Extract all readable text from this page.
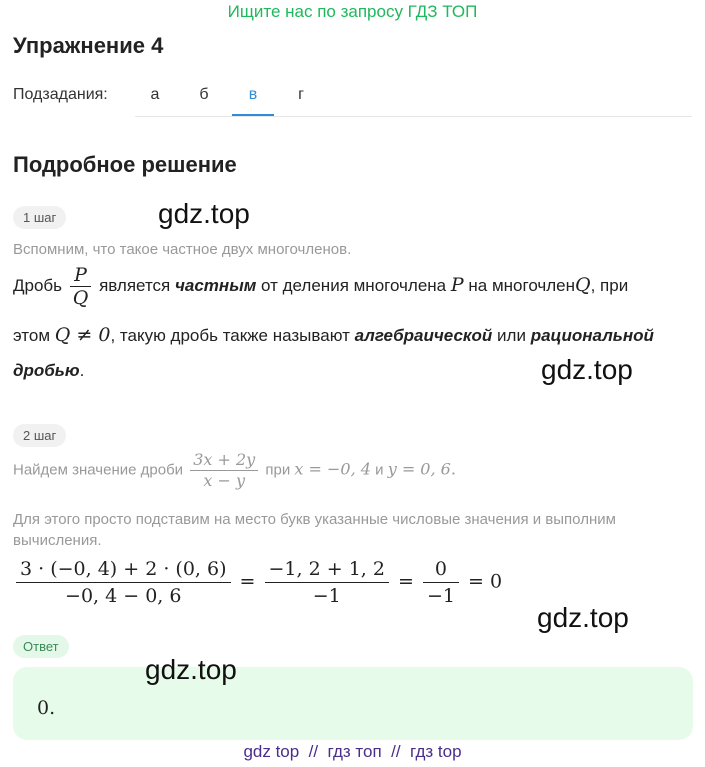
Ищите нас по запросу ГДЗ ТОП
Упражнение 4
Подзадания:	а	б	в	г
Подробное решение
1 шаг	gdz.top
Вспомним, что такое частное двух многочленов.
Дробь $\frac{P}{Q}$ является частным от деления многочлена P на многочленQ, при
этом Q ≠ 0, такую дробь также называют алгебраической или рациональной
дробью.	gdz.top
2 шаг
Найдем значение дроби $\frac{3x + 2y}{x - y}$ при x = −0, 4 и y = 0, 6.
Для этого просто подставим на место букв указанные числовые значения и выполним вычисления.
$\frac{3 \cdot (-0, 4) + 2 \cdot (0, 6)}{-0, 4 - 0, 6} = \frac{-1, 2 + 1, 2}{-1} = \frac{0}{-1} = 0$
gdz.top
Ответ
gdz.top
0.
gdz top  //  гдз топ  //  гдз top
